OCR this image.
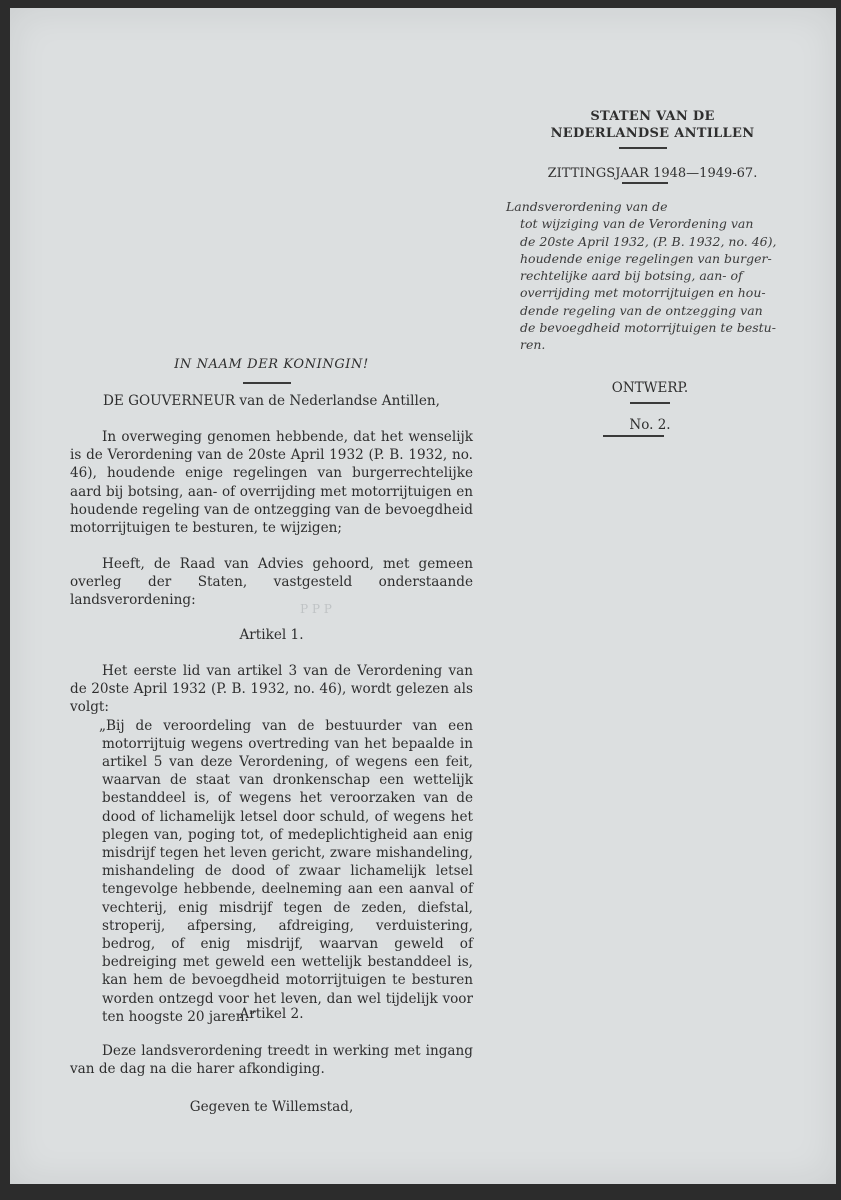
ꟼ ꟼ ꟼ
STATEN VAN DE
NEDERLANDSE ANTILLEN
ZITTINGSJAAR 1948—1949-67.

Landsverordening van de

tot wijziging van de Verordening van

de 20ste April 1932, (P. B. 1932, no. 46),

houdende enige regelingen van burger-

rechtelijke aard bij botsing, aan- of

overrijding met motorrijtuigen en hou-

dende regeling van de ontzegging van

de bevoegdheid motorrijtuigen te bestu-

ren.

ONTWERP.
No. 2.

IN NAAM DER KONINGIN!

DE GOUVERNEUR van de Nederlandse Antillen,

In overweging genomen hebbende, dat het wenselijk is de Verordening van de 20ste April 1932 (P. B. 1932, no. 46), houdende enige regelingen van burgerrechtelijke aard bij botsing, aan- of overrijding met motorrijtuigen en houdende regeling van de ontzegging van de bevoegdheid motorrijtuigen te besturen, te wijzigen;

Heeft, de Raad van Advies gehoord, met gemeen overleg der Staten, vastgesteld onderstaande landsverordening:

Artikel 1.

Het eerste lid van artikel 3 van de Verordening van de 20ste April 1932 (P. B. 1932, no. 46), wordt gelezen als volgt:

„Bij de veroordeling van de bestuurder van een motorrijtuig wegens overtreding van het bepaalde in artikel 5 van deze Verordening, of wegens een feit, waarvan de staat van dronkenschap een wettelijk bestanddeel is, of wegens het veroorzaken van de dood of lichamelijk letsel door schuld, of wegens het plegen van, poging tot, of medeplichtigheid aan enig misdrijf tegen het leven gericht, zware mishandeling, mishandeling de dood of zwaar lichamelijk letsel tengevolge hebbende, deelneming aan een aanval of vechterij, enig misdrijf tegen de zeden, diefstal, stroperij, afpersing, afdreiging, verduistering, bedrog, of enig misdrijf, waarvan geweld of bedreiging met geweld een wettelijk bestanddeel is, kan hem de bevoegdheid motorrijtuigen te besturen worden ontzegd voor het leven, dan wel tijdelijk voor ten hoogste 20 jaren.”

Artikel 2.

Deze landsverordening treedt in werking met ingang van de dag na die harer afkondiging.

Gegeven te Willemstad,
